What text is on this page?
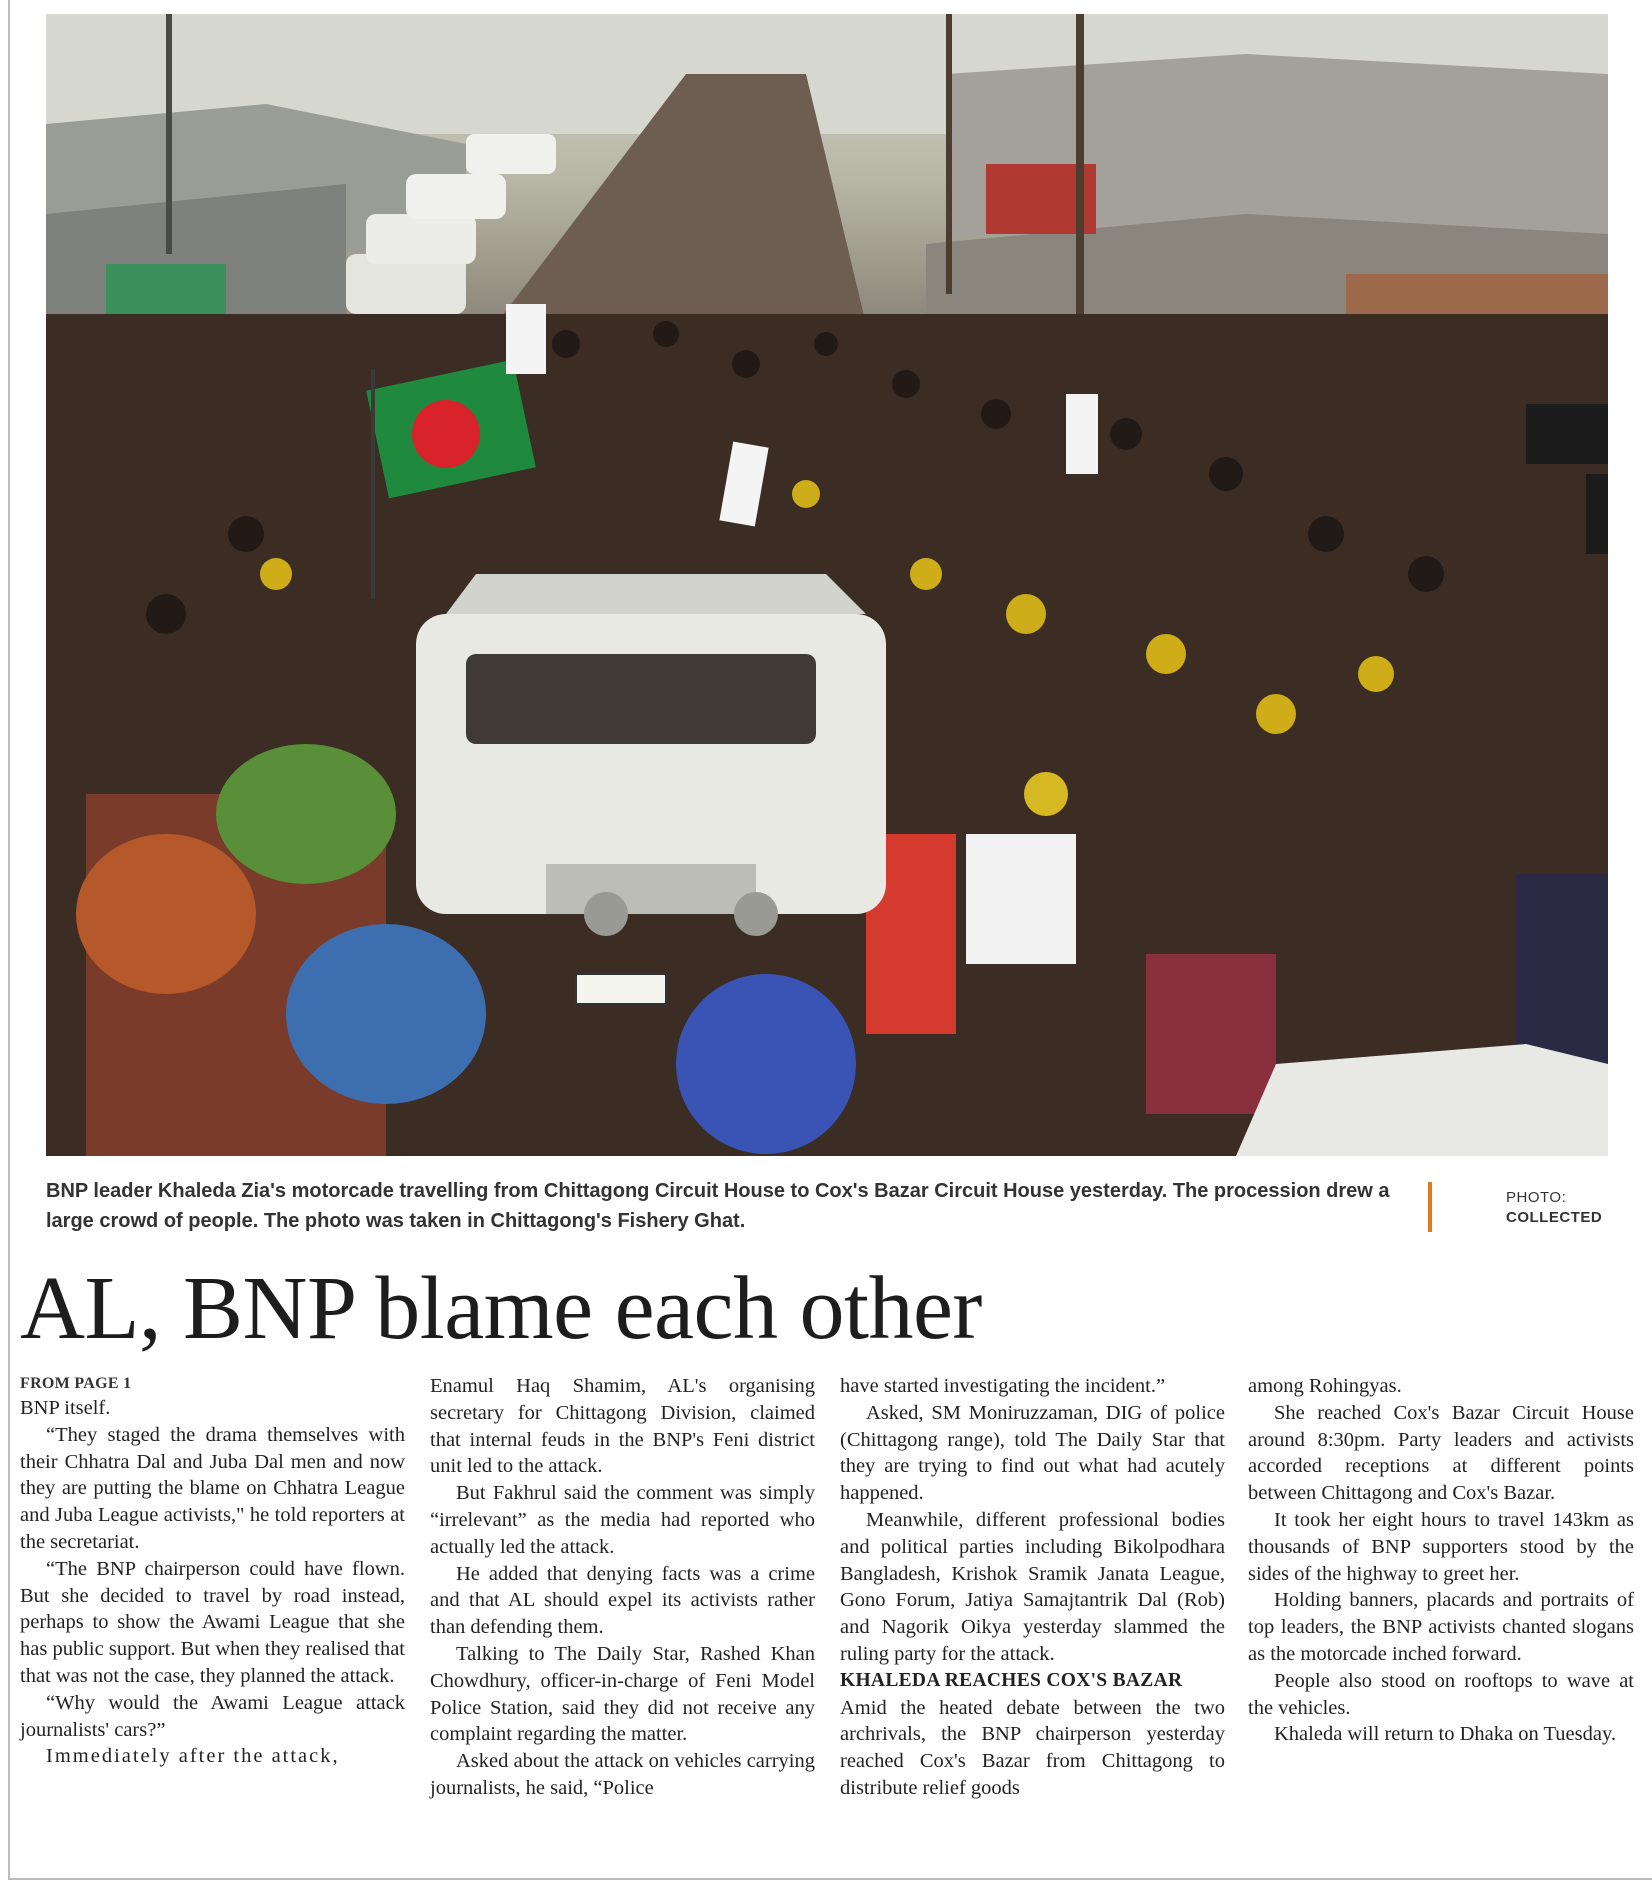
BNP leader Khaleda Zia's motorcade travelling from Chittagong Circuit House to Cox's Bazar Circuit House yesterday. The procession drew a large crowd of people. The photo was taken in Chittagong's Fishery Ghat.
PHOTO:
COLLECTED
AL, BNP blame each other

FROM PAGE 1

BNP itself.

“They staged the drama themselves with their Chhatra Dal and Juba Dal men and now they are putting the blame on Chhatra League and Juba League activists," he told reporters at the secretariat.

“The BNP chairperson could have flown. But she decided to travel by road instead, perhaps to show the Awami League that she has public support. But when they realised that that was not the case, they planned the attack.

“Why would the Awami League attack journalists' cars?”

Immediately after the attack,

Enamul Haq Shamim, AL's organising secretary for Chittagong Division, claimed that internal feuds in the BNP's Feni district unit led to the attack.

But Fakhrul said the comment was simply “irrelevant” as the media had reported who actually led the attack.

He added that denying facts was a crime and that AL should expel its activists rather than defending them.

Talking to The Daily Star, Rashed Khan Chowdhury, officer-in-charge of Feni Model Police Station, said they did not receive any complaint regarding the matter.

Asked about the attack on vehicles carrying journalists, he said, “Police

have started investigating the incident.”

Asked, SM Moniruzzaman, DIG of police (Chittagong range), told The Daily Star that they are trying to find out what had acutely happened.

Meanwhile, different professional bodies and political parties including Bikolpodhara Bangladesh, Krishok Sramik Janata League, Gono Forum, Jatiya Samajtantrik Dal (Rob) and Nagorik Oikya yesterday slammed the ruling party for the attack.

KHALEDA REACHES COX'S BAZAR

Amid the heated debate between the two archrivals, the BNP chairperson yesterday reached Cox's Bazar from Chittagong to distribute relief goods

among Rohingyas.

She reached Cox's Bazar Circuit House around 8:30pm. Party leaders and activists accorded receptions at different points between Chittagong and Cox's Bazar.

It took her eight hours to travel 143km as thousands of BNP supporters stood by the sides of the highway to greet her.

Holding banners, placards and portraits of top leaders, the BNP activists chanted slogans as the motorcade inched forward.

People also stood on rooftops to wave at the vehicles.

Khaleda will return to Dhaka on Tuesday.
